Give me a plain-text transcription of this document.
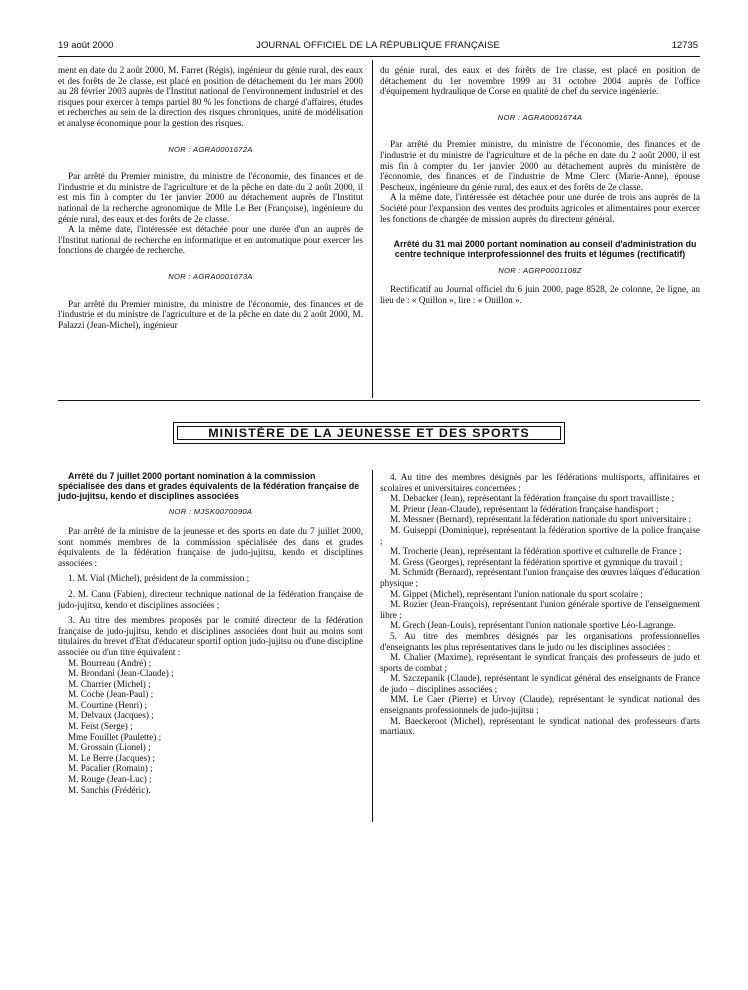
19 août 2000	JOURNAL OFFICIEL DE LA RÉPUBLIQUE FRANÇAISE	12735

ment en date du 2 août 2000, M. Farret (Régis), ingénieur du génie rural, des eaux et des forêts de 2e classe, est placé en position de détachement du 1er mars 2000 au 28 février 2003 auprès de l'Institut national de l'environnement industriel et des risques pour exercer à temps partiel 80 % les fonctions de chargé d'affaires, études et recherches au sein de la direction des risques chroniques, unité de modélisation et analyse économique pour la gestion des risques.

NOR : AGRA0001672A

Par arrêté du Premier ministre, du ministre de l'économie, des finances et de l'industrie et du ministre de l'agriculture et de la pêche en date du 2 août 2000, il est mis fin à compter du 1er janvier 2000 au détachement auprès de l'Institut national de la recherche agronomique de Mlle Le Ber (Françoise), ingénieure du génie rural, des eaux et des forêts de 2e classe.

A la même date, l'intéressée est détachée pour une durée d'un an auprès de l'Institut national de recherche en informatique et en automatique pour exercer les fonctions de chargée de recherche.

NOR : AGRA0001673A

Par arrêté du Premier ministre, du ministre de l'économie, des finances et de l'industrie et du ministre de l'agriculture et de la pêche en date du 2 août 2000, M. Palazzi (Jean-Michel), ingénieur

du génie rural, des eaux et des forêts de 1re classe, est placé en position de détachement du 1er novembre 1999 au 31 octobre 2004 auprès de l'office d'équipement hydraulique de Corse en qualité de chef du service ingénierie.

NOR : AGRA0001674A

Par arrêté du Premier ministre, du ministre de l'économie, des finances et de l'industrie et du ministre de l'agriculture et de la pêche en date du 2 août 2000, il est mis fin à compter du 1er janvier 2000 au détachement auprès du ministère de l'économie, des finances et de l'industrie de Mme Clerc (Marie-Anne), épouse Pescheux, ingénieure du génie rural, des eaux et des forêts de 2e classe.

A la même date, l'intéressée est détachée pour une durée de trois ans auprès de la Société pour l'expansion des ventes des produits agricoles et alimentaires pour exercer les fonctions de chargée de mission auprès du directeur général.

Arrêté du 31 mai 2000 portant nomination au conseil d'administration du centre technique interprofessionnel des fruits et légumes (rectificatif)

NOR : AGRP0001108Z

Rectificatif au Journal officiel du 6 juin 2000, page 8528, 2e colonne, 2e ligne, au lieu de : « Quillon », lire : « Ouillon ».

MINISTÈRE DE LA JEUNESSE ET DES SPORTS

Arrêté du 7 juillet 2000 portant nomination à la commission spécialisée des dans et grades équivalents de la fédération française de judo-jujitsu, kendo et disciplines associées

NOR : MJSK0070090A

Par arrêté de la ministre de la jeunesse et des sports en date du 7 juillet 2000, sont nommés membres de la commission spécialisée des dans et grades équivalents de la fédération française de judo-jujitsu, kendo et disciplines associées :

1. M. Vial (Michel), président de la commission ;

2. M. Canu (Fabien), directeur technique national de la fédération française de judo-jujitsu, kendo et disciplines associées ;

3. Au titre des membres proposés par le comité directeur de la fédération française de judo-jujitsu, kendo et disciplines associées dont huit au moins sont titulaires du brevet d'Etat d'éducateur sportif option judo-jujitsu ou d'une discipline associée ou d'un titre équivalent :

M. Bourreau (André) ;

M. Brondani (Jean-Claude) ;

M. Charrier (Michel) ;

M. Coche (Jean-Paul) ;

M. Courtine (Henri) ;

M. Delvaux (Jacques) ;

M. Feist (Serge) ;

Mme Fouillet (Paulette) ;

M. Grossain (Lionel) ;

M. Le Berre (Jacques) ;

M. Pacalier (Romain) ;

M. Rouge (Jean-Luc) ;

M. Sanchis (Frédéric).

4. Au titre des membres désignés par les fédérations multisports, affinitaires et scolaires et universitaires concernées :

M. Debacker (Jean), représentant la fédération française du sport travailliste ;

M. Prieur (Jean-Claude), représentant la fédération française handisport ;

M. Messner (Bernard), représentant la fédération nationale du sport universitaire ;

M. Guiseppi (Dominique), représentant la fédération sportive de la police française ;

M. Trocherie (Jean), représentant la fédération sportive et culturelle de France ;

M. Gress (Georges), représentant la fédération sportive et gymnique du travail ;

M. Schmidt (Bernard), représentant l'union française des œuvres laïques d'éducation physique ;

M. Gippet (Michel), représentant l'union nationale du sport scolaire ;

M. Rozier (Jean-François), représentant l'union générale sportive de l'enseignement libre ;

M. Grech (Jean-Louis), représentant l'union nationale sportive Léo-Lagrange.

5. Au titre des membres désignés par les organisations professionnelles d'enseignants les plus représentatives dans le judo ou les disciplines associées :

M. Chalier (Maxime), représentant le syndicat français des professeurs de judo et sports de combat ;

M. Szczepanik (Claude), représentant le syndicat général des enseignants de France de judo – disciplines associées ;

MM. Le Caer (Pierre) et Urvoy (Claude), représentant le syndicat national des enseignants professionnels de judo-jujitsu ;

M. Baeckeroot (Michel), représentant le syndicat national des professeurs d'arts martiaux.
